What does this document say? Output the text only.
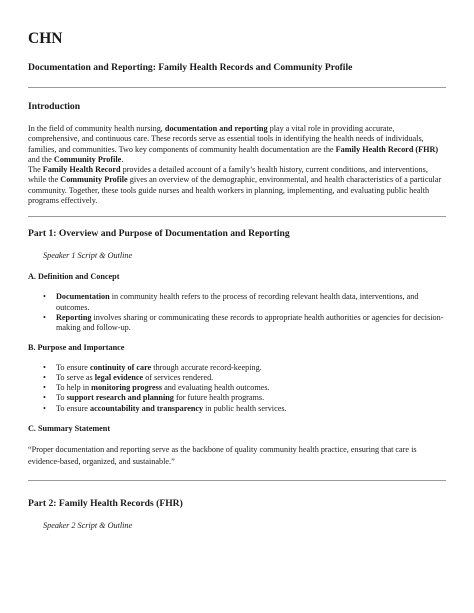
CHN
Documentation and Reporting: Family Health Records and Community Profile
Introduction

In the field of community health nursing, documentation and reporting play a vital role in providing accurate, comprehensive, and continuous care. These records serve as essential tools in identifying the health needs of individuals, families, and communities. Two key components of community health documentation are the Family Health Record (FHR) and the Community Profile.

The Family Health Record provides a detailed account of a family’s health history, current conditions, and interventions, while the Community Profile gives an overview of the demographic, environmental, and health characteristics of a particular community. Together, these tools guide nurses and health workers in planning, implementing, and evaluating public health programs effectively.

Part 1: Overview and Purpose of Documentation and Reporting
Speaker 1 Script & Outline
A. Definition and Concept
• Documentation in community health refers to the process of recording relevant health data, interventions, and outcomes.
• Reporting involves sharing or communicating these records to appropriate health authorities or agencies for decision-making and follow-up.
B. Purpose and Importance
• To ensure continuity of care through accurate record-keeping.
• To serve as legal evidence of services rendered.
• To help in monitoring progress and evaluating health outcomes.
• To support research and planning for future health programs.
• To ensure accountability and transparency in public health services.
C. Summary Statement
“Proper documentation and reporting serve as the backbone of quality community health practice, ensuring that care is evidence-based, organized, and sustainable.”
Part 2: Family Health Records (FHR)
Speaker 2 Script & Outline
